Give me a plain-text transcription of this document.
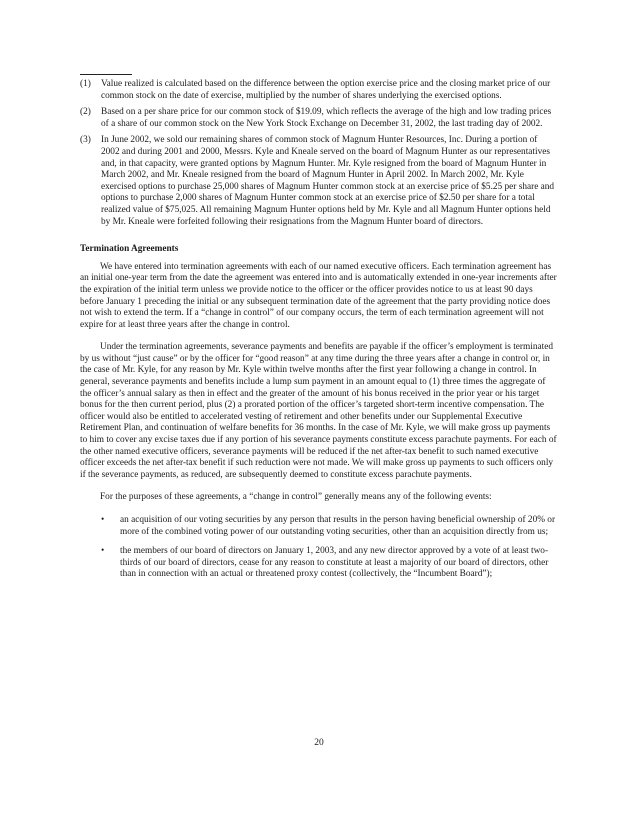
(1)	Value realized is calculated based on the difference between the option exercise price and the closing market price of our common stock on the date of exercise, multiplied by the number of shares underlying the exercised options.
(2)	Based on a per share price for our common stock of $19.09, which reflects the average of the high and low trading prices of a share of our common stock on the New York Stock Exchange on December 31, 2002, the last trading day of 2002.
(3)	In June 2002, we sold our remaining shares of common stock of Magnum Hunter Resources, Inc. During a portion of 2002 and during 2001 and 2000, Messrs. Kyle and Kneale served on the board of Magnum Hunter as our representatives and, in that capacity, were granted options by Magnum Hunter. Mr. Kyle resigned from the board of Magnum Hunter in March 2002, and Mr. Kneale resigned from the board of Magnum Hunter in April 2002. In March 2002, Mr. Kyle exercised options to purchase 25,000 shares of Magnum Hunter common stock at an exercise price of $5.25 per share and options to purchase 2,000 shares of Magnum Hunter common stock at an exercise price of $2.50 per share for a total realized value of $75,025. All remaining Magnum Hunter options held by Mr. Kyle and all Magnum Hunter options held by Mr. Kneale were forfeited following their resignations from the Magnum Hunter board of directors.
Termination Agreements

We have entered into termination agreements with each of our named executive officers. Each termination agreement has an initial one-year term from the date the agreement was entered into and is automatically extended in one-year increments after the expiration of the initial term unless we provide notice to the officer or the officer provides notice to us at least 90 days before January 1 preceding the initial or any subsequent termination date of the agreement that the party providing notice does not wish to extend the term. If a “change in control” of our company occurs, the term of each termination agreement will not expire for at least three years after the change in control.

Under the termination agreements, severance payments and benefits are payable if the officer’s employment is terminated by us without “just cause” or by the officer for “good reason” at any time during the three years after a change in control or, in the case of Mr. Kyle, for any reason by Mr. Kyle within twelve months after the first year following a change in control. In general, severance payments and benefits include a lump sum payment in an amount equal to (1) three times the aggregate of the officer’s annual salary as then in effect and the greater of the amount of his bonus received in the prior year or his target bonus for the then current period, plus (2) a prorated portion of the officer’s targeted short-term incentive compensation. The officer would also be entitled to accelerated vesting of retirement and other benefits under our Supplemental Executive Retirement Plan, and continuation of welfare benefits for 36 months. In the case of Mr. Kyle, we will make gross up payments to him to cover any excise taxes due if any portion of his severance payments constitute excess parachute payments. For each of the other named executive officers, severance payments will be reduced if the net after-tax benefit to such named executive officer exceeds the net after-tax benefit if such reduction were not made. We will make gross up payments to such officers only if the severance payments, as reduced, are subsequently deemed to constitute excess parachute payments.

For the purposes of these agreements, a “change in control” generally means any of the following events:

•	an acquisition of our voting securities by any person that results in the person having beneficial ownership of 20% or more of the combined voting power of our outstanding voting securities, other than an acquisition directly from us;
•	the members of our board of directors on January 1, 2003, and any new director approved by a vote of at least two-thirds of our board of directors, cease for any reason to constitute at least a majority of our board of directors, other than in connection with an actual or threatened proxy contest (collectively, the “Incumbent Board”);
20
